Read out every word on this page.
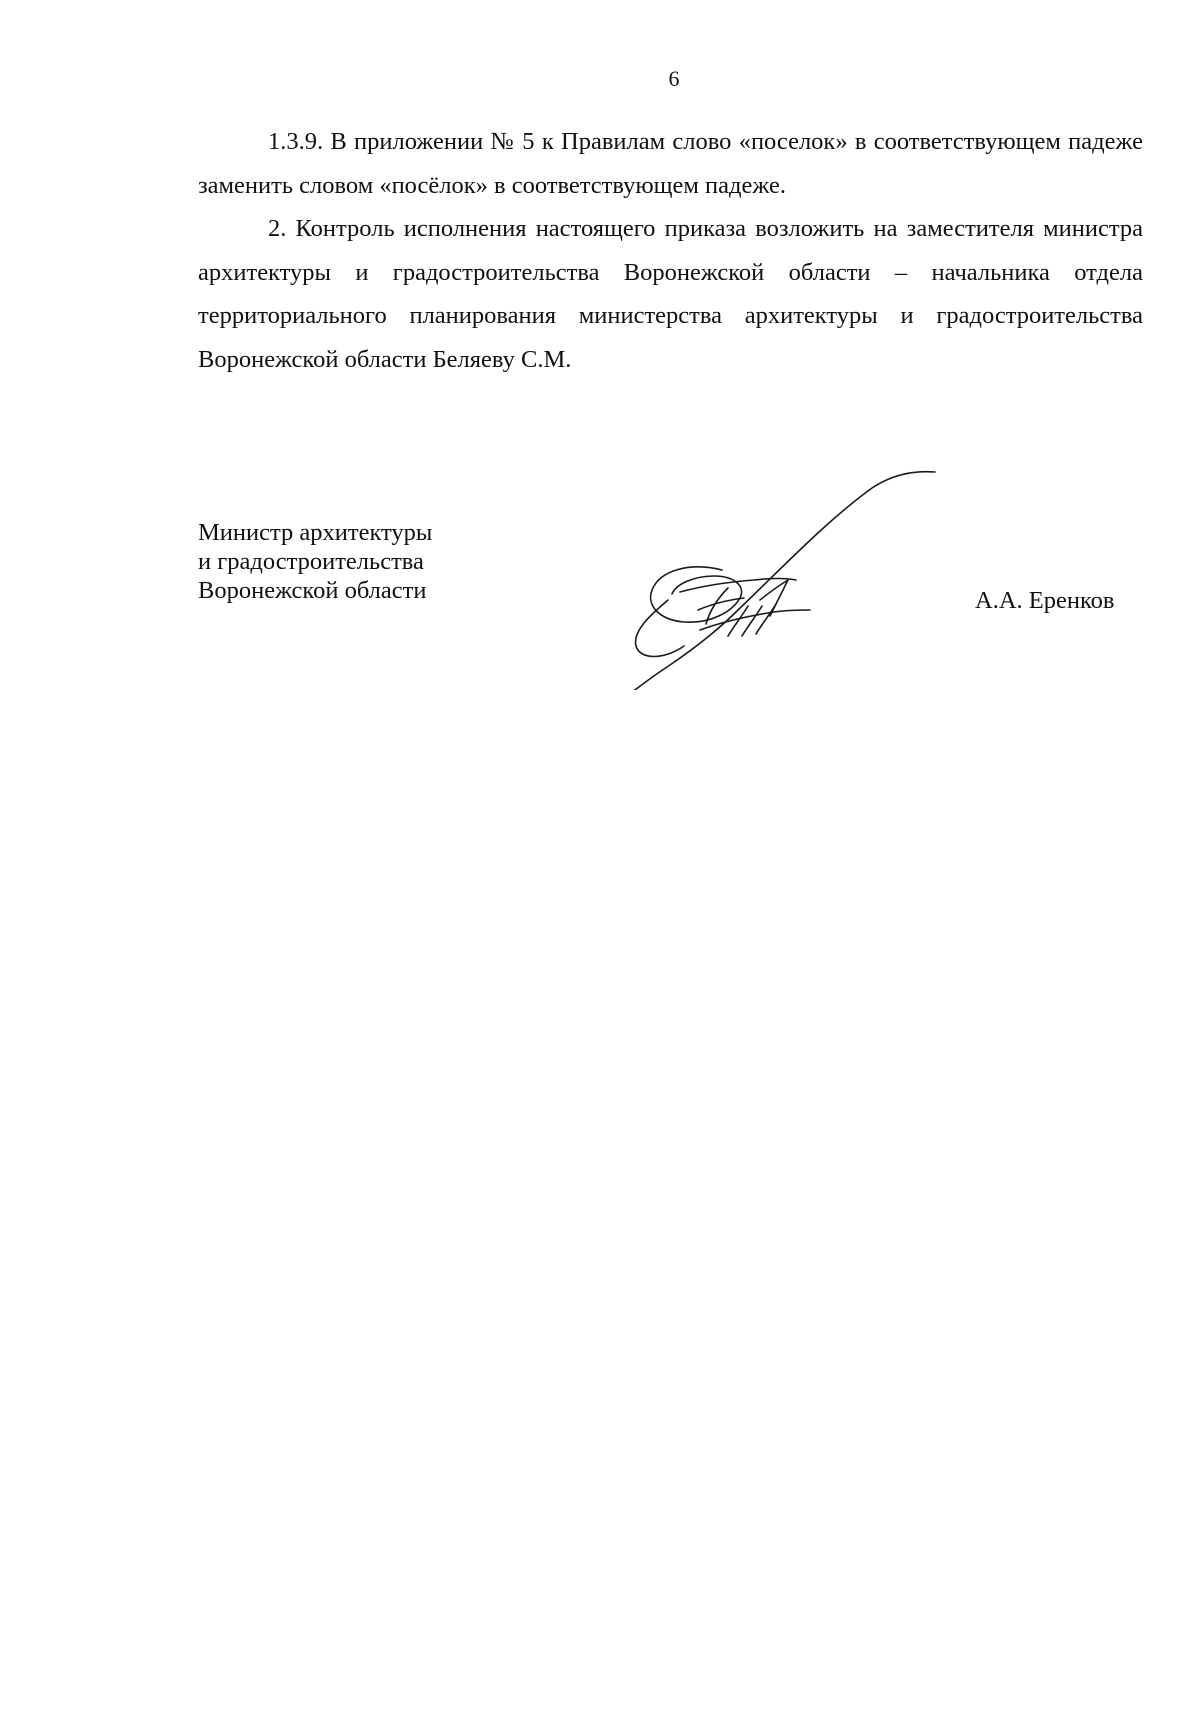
6

1.3.9. В приложении № 5 к Правилам слово «поселок» в соответствующем падеже заменить словом «посёлок» в соответствующем падеже.

2. Контроль исполнения настоящего приказа возложить на заместителя министра архитектуры и градостроительства Воронежской области – начальника отдела территориального планирования министерства архитектуры и градостроительства Воронежской области Беляеву С.М.

Министр архитектуры
и градостроительства
Воронежской области	А.А. Еренков
